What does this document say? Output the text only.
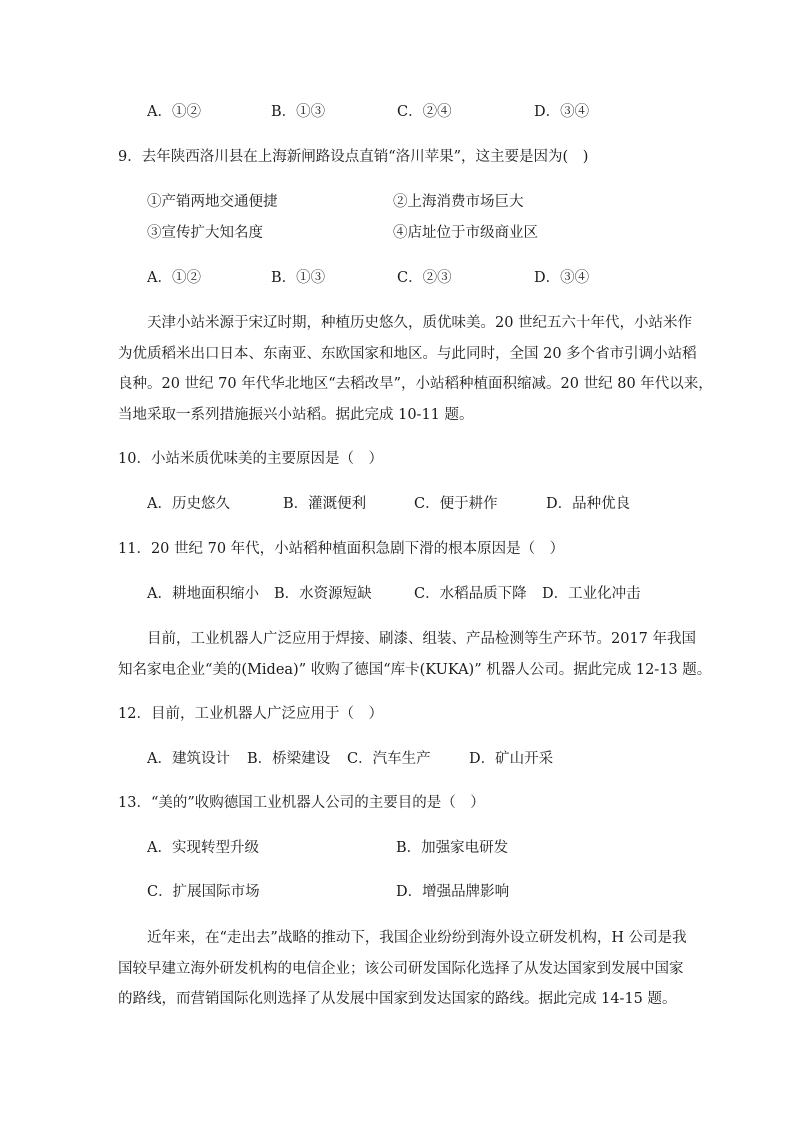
A．①②	B．①③	C．②④	D．③④
9．去年陕西洛川县在上海新闸路设点直销“洛川苹果”，这主要是因为(　)
①产销两地交通便捷	②上海消费市场巨大
③宣传扩大知名度	④店址位于市级商业区
A．①②	B．①③	C．②③	D．③④

天津小站米源于宋辽时期，种植历史悠久，质优味美。20 世纪五六十年代，小站米作

为优质稻米出口日本、东南亚、东欧国家和地区。与此同时，全国 20 多个省市引调小站稻

良种。20 世纪 70 年代华北地区“去稻改旱”，小站稻种植面积缩减。20 世纪 80 年代以来，

当地采取一系列措施振兴小站稻。据此完成 10-11 题。

10．小站米质优味美的主要原因是（　）
A．历史悠久	B．灌溉便利	C．便于耕作	D．品种优良
11．20 世纪 70 年代，小站稻种植面积急剧下滑的根本原因是（　）
A．耕地面积缩小 B．水资源短缺	C．水稻品质下降 D．工业化冲击

目前，工业机器人广泛应用于焊接、刷漆、组装、产品检测等生产环节。2017 年我国

知名家电企业“美的(Midea)” 收购了德国“库卡(KUKA)” 机器人公司。据此完成 12-13 题。

12．目前，工业机器人广泛应用于（　）
A．建筑设计 B．桥梁建设 C．汽车生产	D．矿山开采
13．“美的”收购德国工业机器人公司的主要目的是（　）
A．实现转型升级	B．加强家电研发
C．扩展国际市场	D．增强品牌影响

近年来，在“走出去”战略的推动下，我国企业纷纷到海外设立研发机构，H 公司是我

国较早建立海外研发机构的电信企业；该公司研发国际化选择了从发达国家到发展中国家

的路线，而营销国际化则选择了从发展中国家到发达国家的路线。据此完成 14-15 题。
